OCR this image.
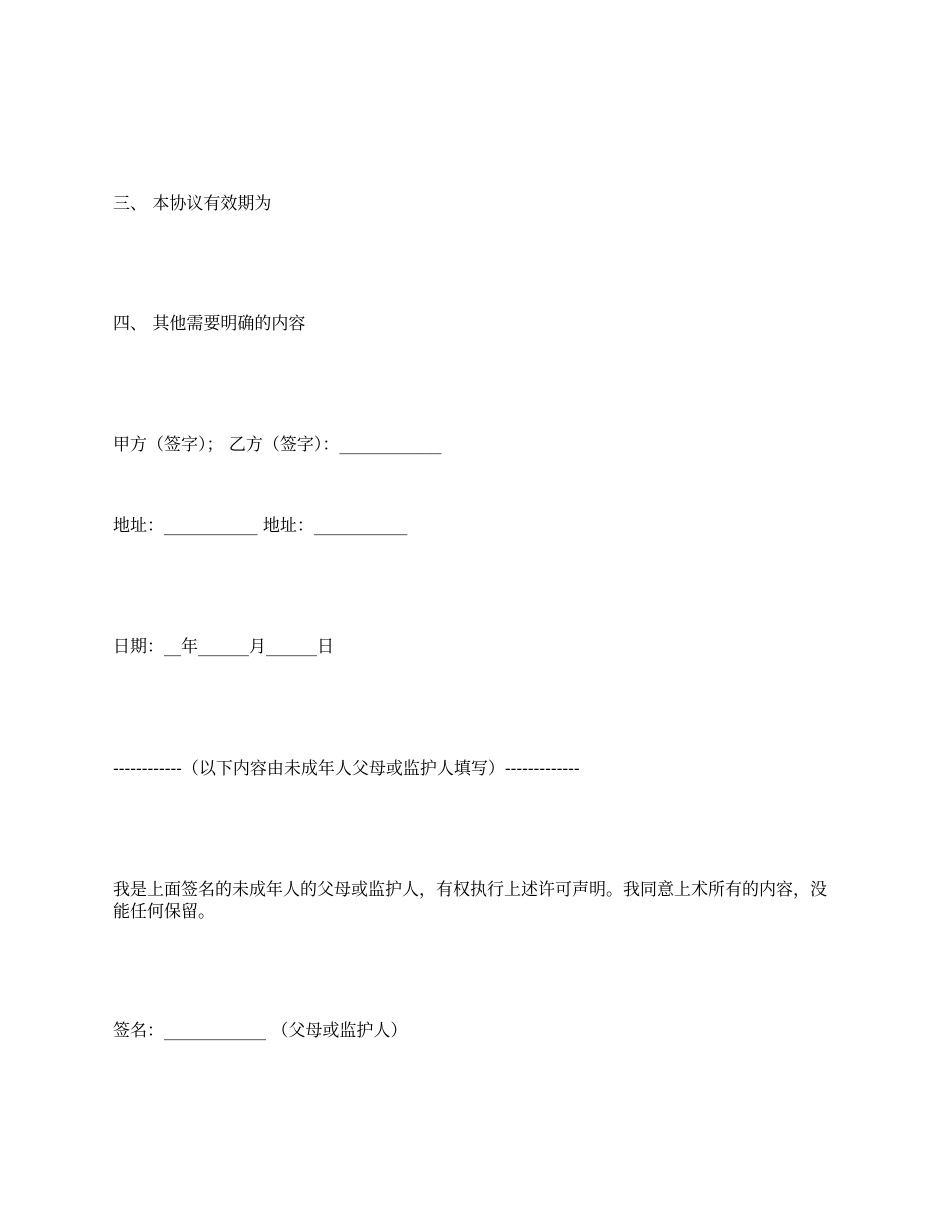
三、 本协议有效期为
四、 其他需要明确的内容
甲方（签字）； 乙方（签字）：____________
地址：___________ 地址：___________
日期：__年______月______日
------------（以下内容由未成年人父母或监护人填写）-------------
我是上面签名的未成年人的父母或监护人，有权执行上述许可声明。我同意上术所有的内容，没能任何保留。
签名：____________ （父母或监护人）
